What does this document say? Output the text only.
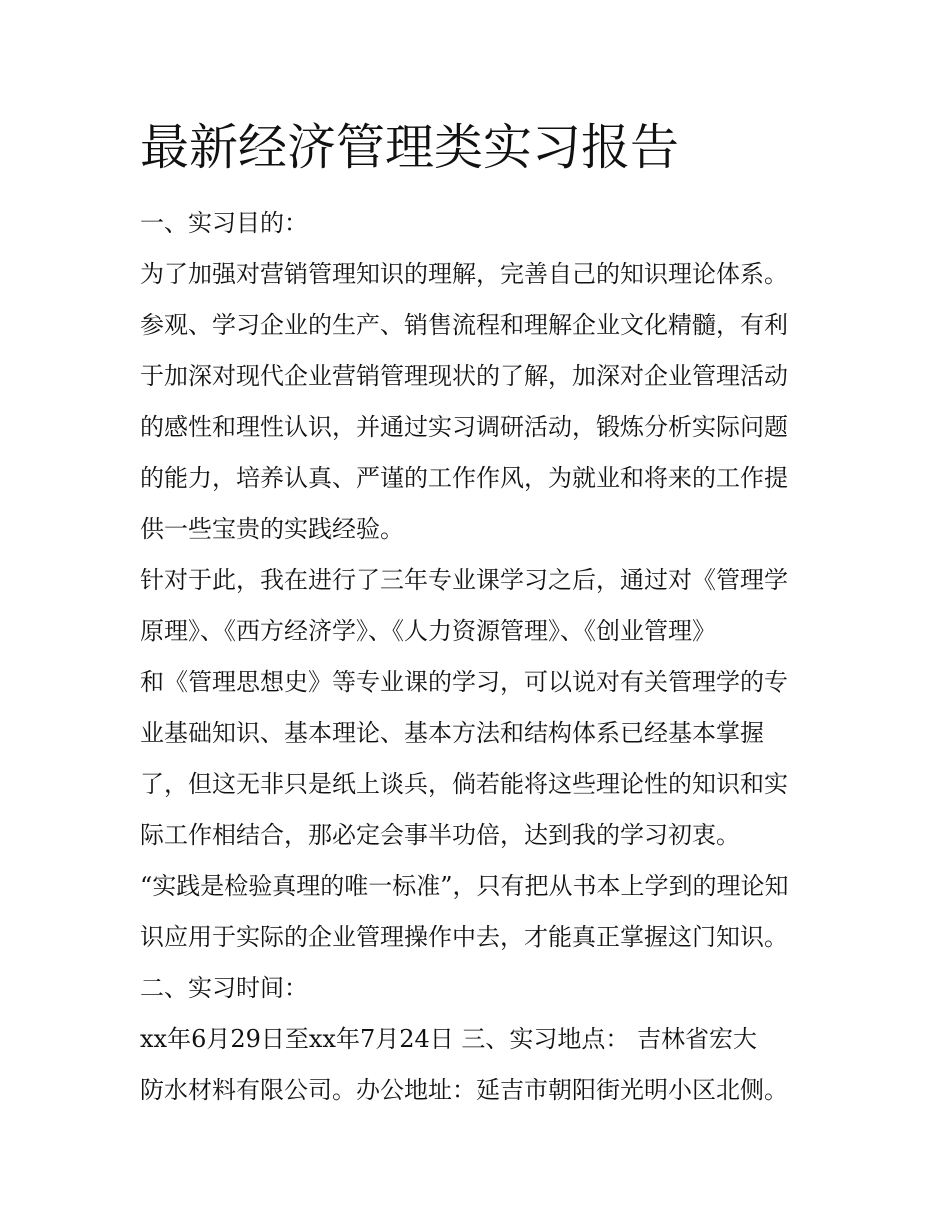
最新经济管理类实习报告
一、实习目的：
为了加强对营销管理知识的理解，完善自己的知识理论体系。
参观、学习企业的生产、销售流程和理解企业文化精髓，有利
于加深对现代企业营销管理现状的了解，加深对企业管理活动
的感性和理性认识，并通过实习调研活动，锻炼分析实际问题
的能力，培养认真、严谨的工作作风，为就业和将来的工作提
供一些宝贵的实践经验。
针对于此，我在进行了三年专业课学习之后，通过对《管理学
原理》、《西方经济学》、《人力资源管理》、《创业管理》
和《管理思想史》等专业课的学习，可以说对有关管理学的专
业基础知识、基本理论、基本方法和结构体系已经基本掌握
了，但这无非只是纸上谈兵，倘若能将这些理论性的知识和实
际工作相结合，那必定会事半功倍，达到我的学习初衷。
“实践是检验真理的唯一标准”，只有把从书本上学到的理论知
识应用于实际的企业管理操作中去，才能真正掌握这门知识。
二、实习时间：
xx年6月29日至xx年7月24日 三、实习地点： 吉林省宏大
防水材料有限公司。办公地址：延吉市朝阳街光明小区北侧。
